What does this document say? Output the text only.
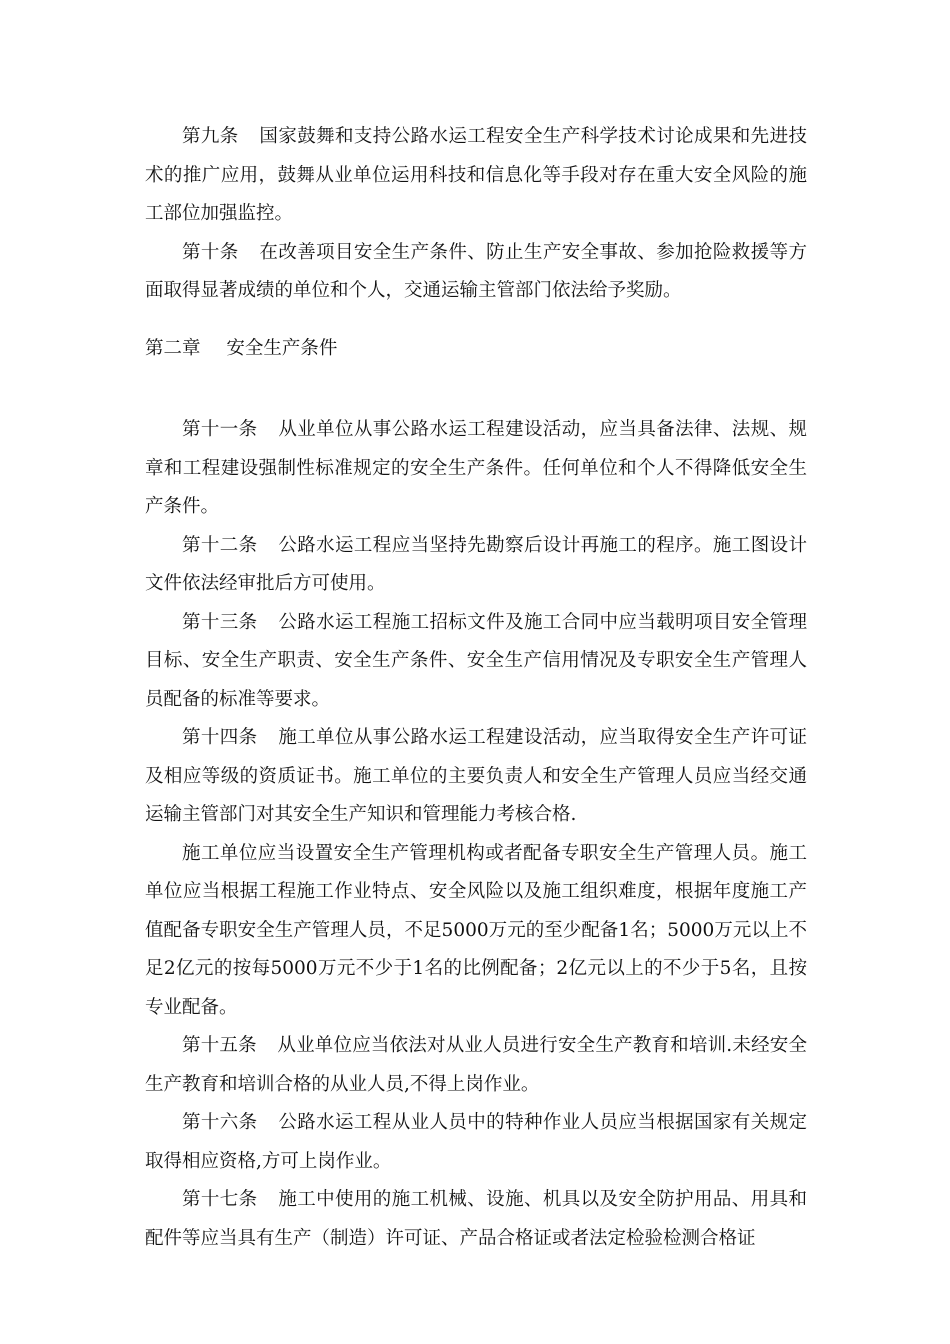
第九条 国家鼓舞和支持公路水运工程安全生产科学技术讨论成果和先进技术的推广应用，鼓舞从业单位运用科技和信息化等手段对存在重大安全风险的施工部位加强监控。

第十条 在改善项目安全生产条件、防止生产安全事故、参加抢险救援等方面取得显著成绩的单位和个人，交通运输主管部门依法给予奖励。

第二章 安全生产条件

第十一条 从业单位从事公路水运工程建设活动，应当具备法律、法规、规章和工程建设强制性标准规定的安全生产条件。任何单位和个人不得降低安全生产条件。

第十二条 公路水运工程应当坚持先勘察后设计再施工的程序。施工图设计文件依法经审批后方可使用。

第十三条 公路水运工程施工招标文件及施工合同中应当载明项目安全管理目标、安全生产职责、安全生产条件、安全生产信用情况及专职安全生产管理人员配备的标准等要求。

第十四条 施工单位从事公路水运工程建设活动，应当取得安全生产许可证及相应等级的资质证书。施工单位的主要负责人和安全生产管理人员应当经交通运输主管部门对其安全生产知识和管理能力考核合格.

施工单位应当设置安全生产管理机构或者配备专职安全生产管理人员。施工单位应当根据工程施工作业特点、安全风险以及施工组织难度，根据年度施工产值配备专职安全生产管理人员，不足5000万元的至少配备1名；5000万元以上不足2亿元的按每5000万元不少于1名的比例配备；2亿元以上的不少于5名，且按专业配备。

第十五条 从业单位应当依法对从业人员进行安全生产教育和培训.未经安全生产教育和培训合格的从业人员,不得上岗作业。

第十六条 公路水运工程从业人员中的特种作业人员应当根据国家有关规定取得相应资格,方可上岗作业。

第十七条 施工中使用的施工机械、设施、机具以及安全防护用品、用具和配件等应当具有生产（制造）许可证、产品合格证或者法定检验检测合格证
